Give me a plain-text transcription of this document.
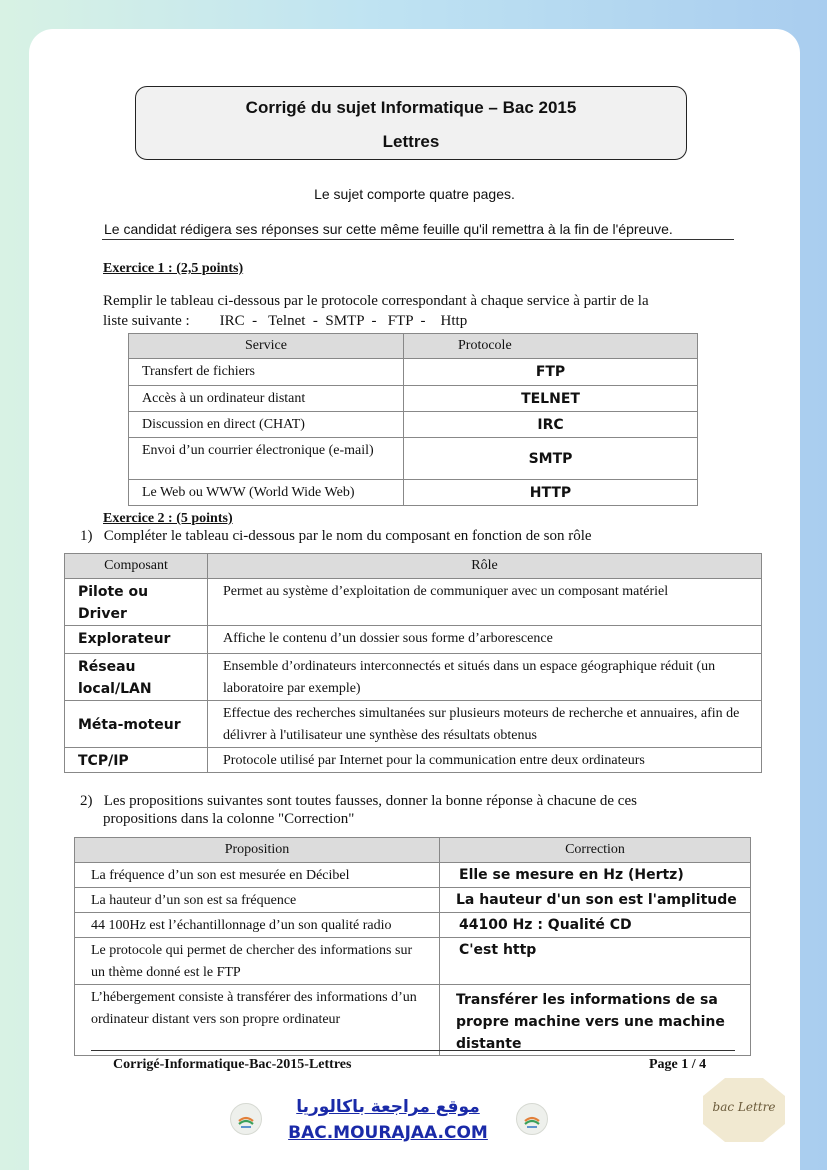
Corrigé du sujet Informatique – Bac 2015
Lettres
Le sujet comporte quatre pages.
Le candidat rédigera ses réponses sur cette même feuille qu'il remettra à la fin de l'épreuve.
Exercice 1 : (2,5 points)
Remplir le tableau ci-dessous par le protocole correspondant à chaque service à partir de la
liste suivante :        IRC  -   Telnet  -  SMTP  -   FTP  -    Http
Service	Protocole
Transfert de fichiers	FTP
Accès à un ordinateur distant	TELNET
Discussion en direct (CHAT)	IRC
Envoi d’un courrier électronique (e-mail)	SMTP
Le Web ou WWW (World Wide Web)	HTTP
Exercice 2 : (5 points)
1)   Compléter le tableau ci-dessous par le nom du composant en fonction de son rôle
Composant	Rôle
Pilote ou Driver	Permet au système d’exploitation de communiquer avec un composant matériel
Explorateur	Affiche le contenu d’un dossier sous forme d’arborescence
Réseau local/LAN	Ensemble d’ordinateurs interconnectés et situés dans un espace géographique réduit (un laboratoire par exemple)
Méta-moteur	Effectue des recherches simultanées sur plusieurs moteurs de recherche et annuaires, afin de délivrer à l'utilisateur une synthèse des résultats obtenus
TCP/IP	Protocole utilisé par Internet pour la communication entre deux ordinateurs
2)   Les propositions suivantes sont toutes fausses, donner la bonne réponse à chacune de ces
propositions dans la colonne "Correction"
Proposition	Correction
La fréquence d’un son est mesurée en Décibel	Elle se mesure en Hz (Hertz)
La hauteur d’un son est sa fréquence	La hauteur d'un son est l'amplitude
44 100Hz est l’échantillonnage d’un son qualité radio	44100 Hz : Qualité CD
Le protocole qui permet de chercher des informations sur un thème donné est le FTP	C'est http
L’hébergement consiste à transférer des informations d’un ordinateur distant vers son propre ordinateur	Transférer les informations de sa propre machine vers une machine distante
Corrigé-Informatique-Bac-2015-Lettres	Page 1 / 4
موقع مراجعة باكالوريا
BAC.MOURAJAA.COM
bac Lettre
